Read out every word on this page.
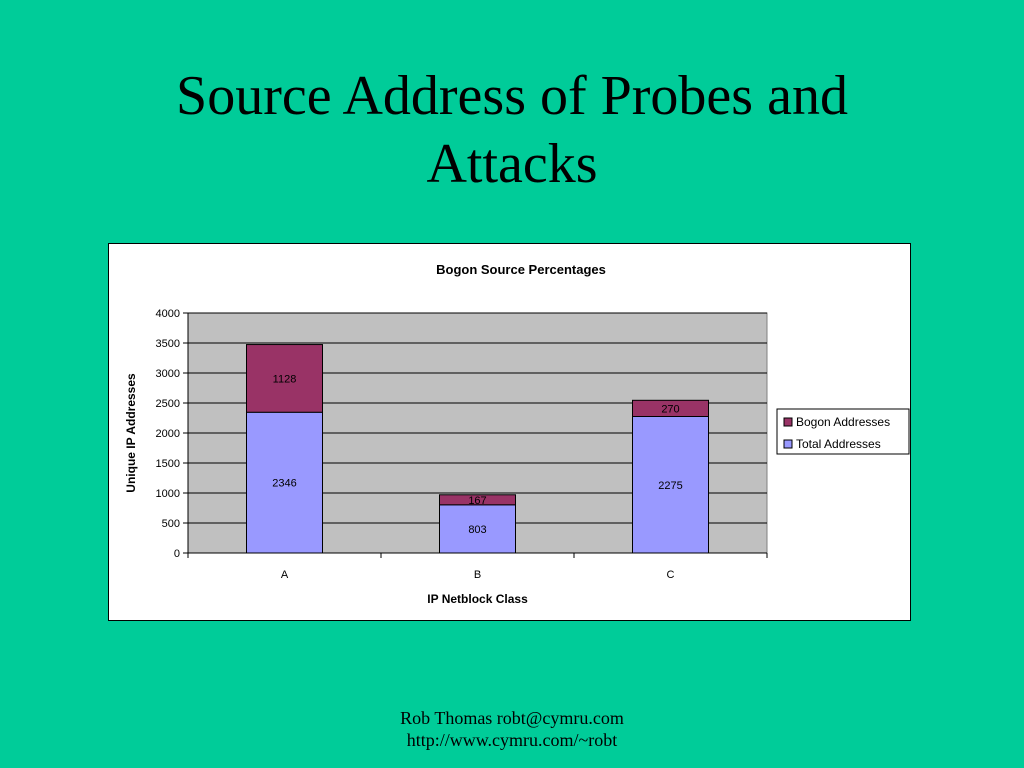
Source Address of Probes and
Attacks
Bogon Source Percentages
0
500
1000
1500
2000
2500
3000
3500
4000
2346
1128
A
803
167
B
2275
270
C
IP Netblock Class
Unique IP Addresses	Bogon Addresses
Total Addresses
Rob Thomas robt@cymru.com
http://www.cymru.com/~robt
